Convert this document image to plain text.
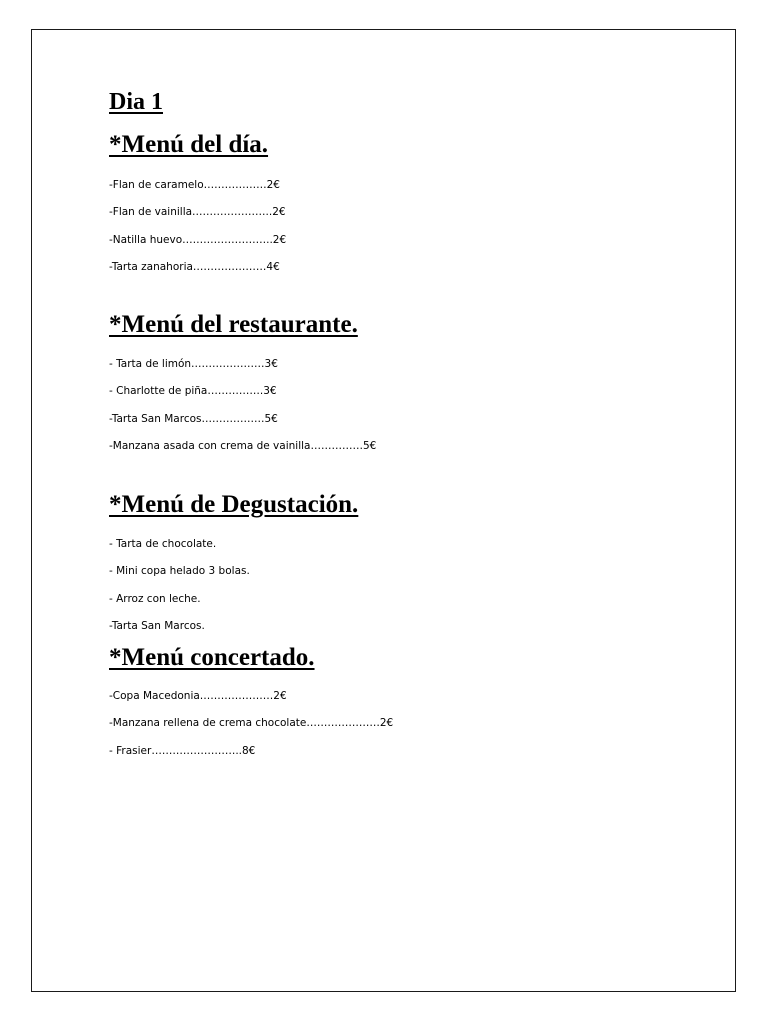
Dia 1
*Menú del día.
-Flan de caramelo………………2€
-Flan de vainilla…………………..2€
-Natilla huevo……………………..2€
-Tarta zanahoria…………………4€
*Menú del restaurante.
- Tarta de limón…………………3€
- Charlotte de piña…………….3€
-Tarta San Marcos………………5€
-Manzana asada con crema de vainilla……………5€
*Menú de Degustación.
- Tarta de chocolate.
- Mini copa helado 3 bolas.
- Arroz con leche.
-Tarta San Marcos.
*Menú concertado.
-Copa Macedonia…………………2€
-Manzana rellena de crema chocolate…………………2€
- Frasier……………………..8€
